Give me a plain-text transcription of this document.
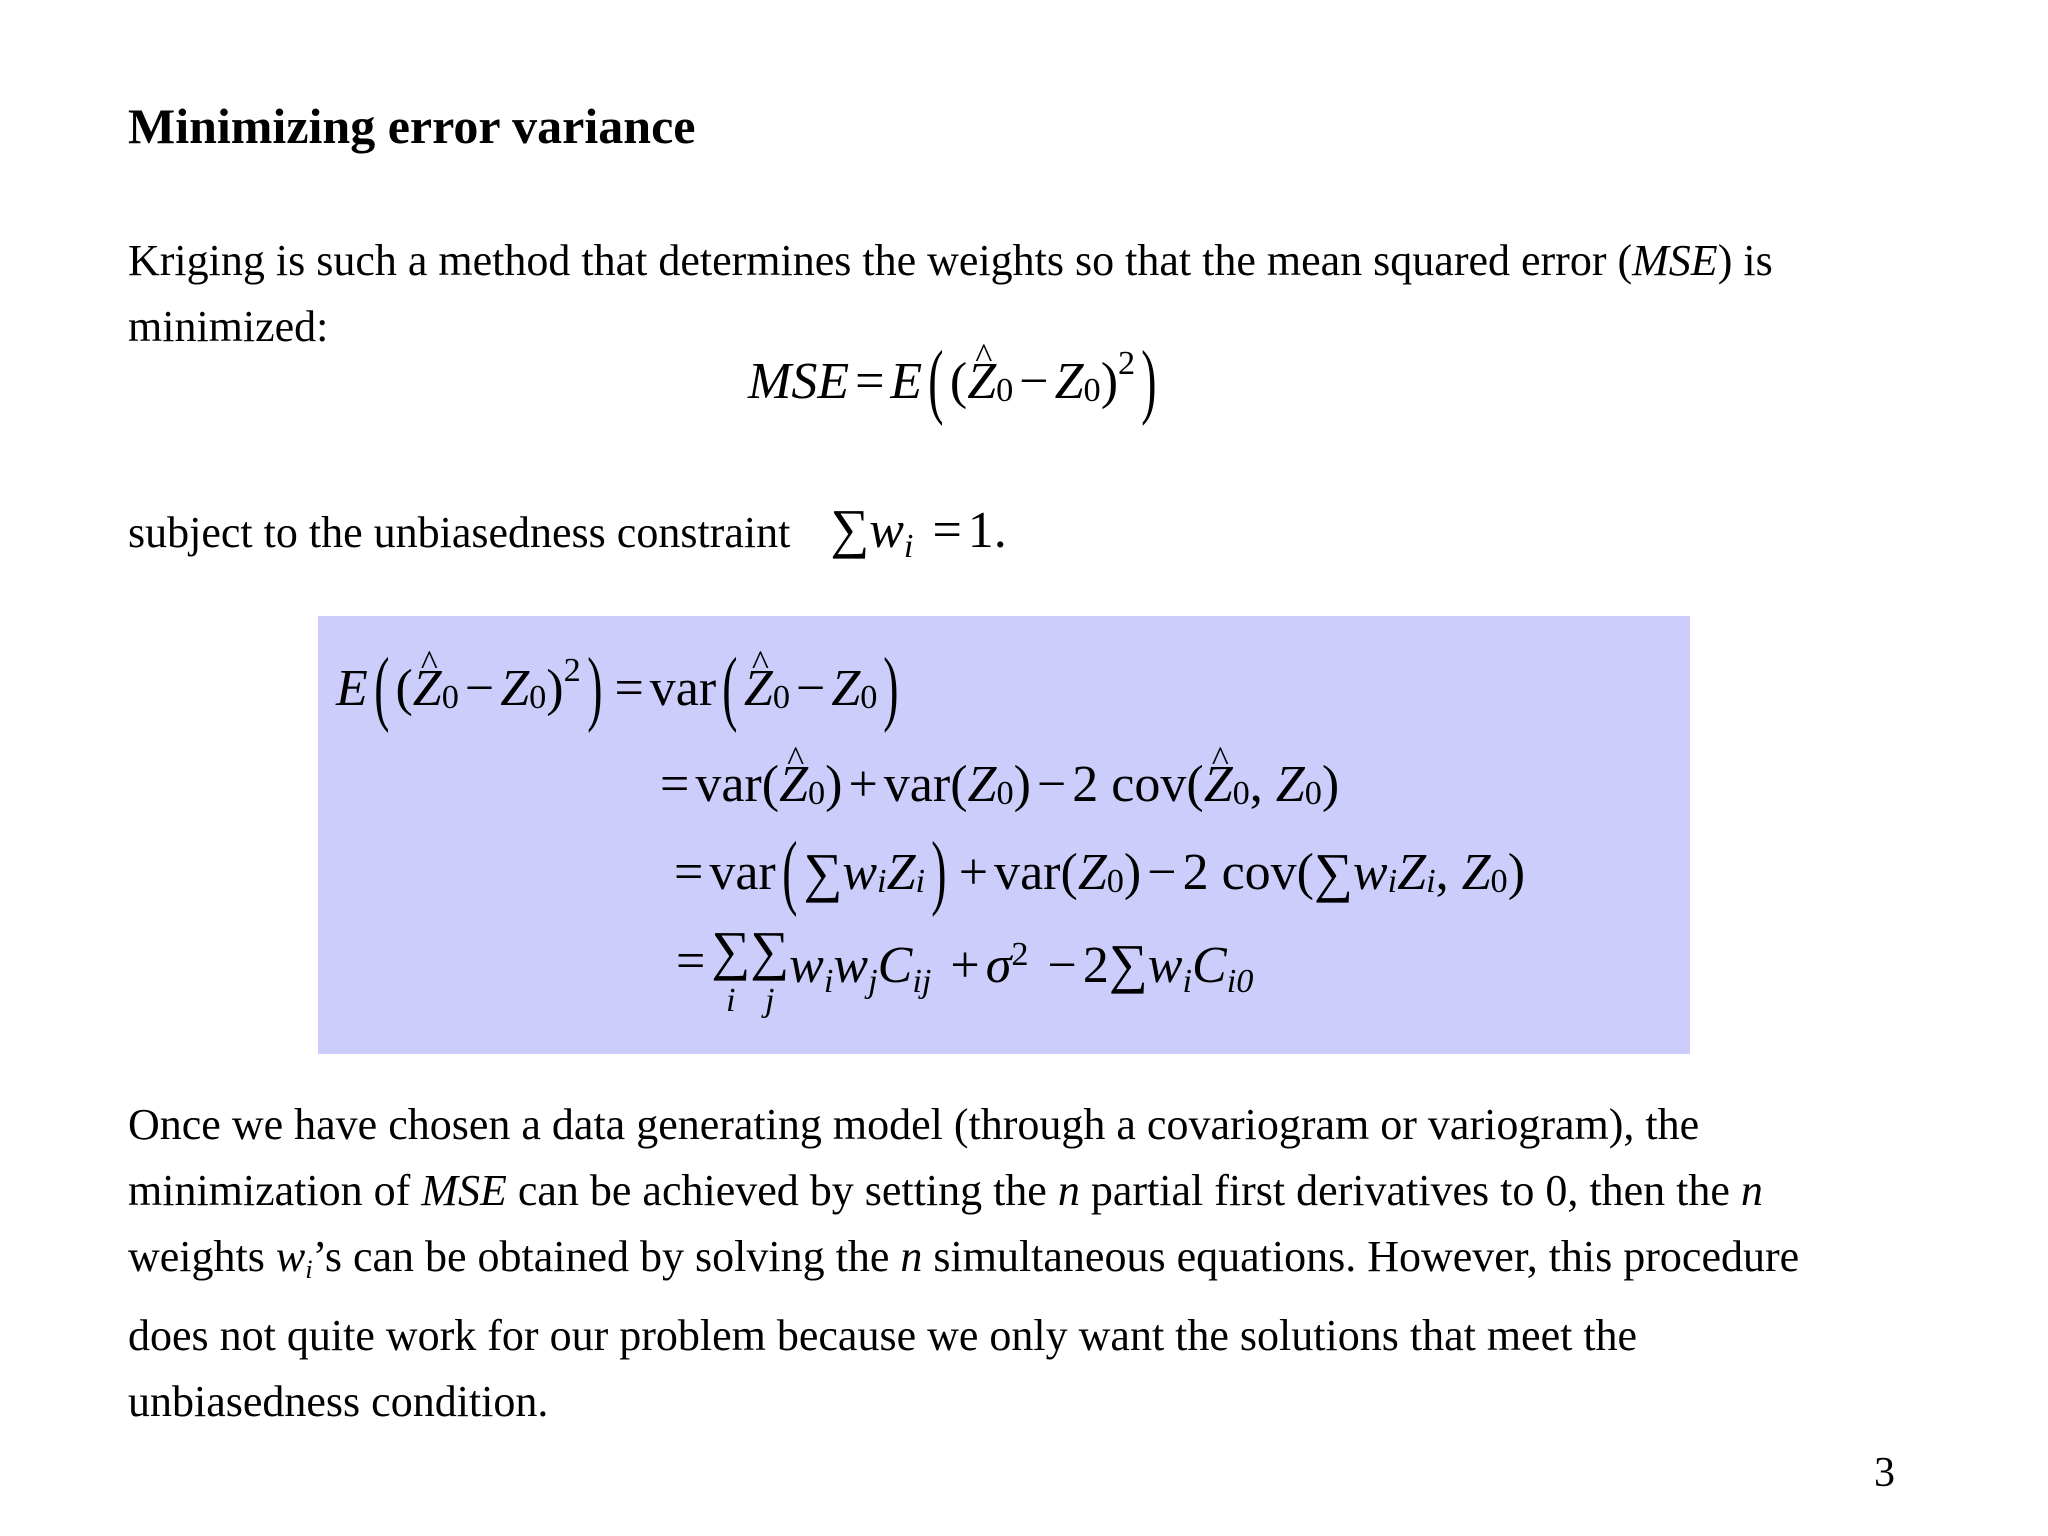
Minimizing error variance
Kriging is such a method that determines the weights so that the mean squared error (MSE) is
minimized:
MSE = E ( ( ^ Z 0 − Z 0 ) 2 )
subject to the unbiasedness constraint ∑wi = 1.
E ( ( ^ Z 0 − Z 0 ) 2 ) = var ( ^ Z 0 − Z 0 )
= var ( ^ Z 0 ) + var ( Z 0 ) − 2
cov ( ^ Z 0 ,
Z 0 )
= var ( ∑ w i Z i ) + var ( Z 0 ) − 2
cov ( ∑ w i Z i ,
Z 0 )
= ∑
i
∑
j
wiwjCij + $\sigma^2$ − 2∑wiCi0
Once we have chosen a data generating model (through a covariogram or variogram), the
minimization of MSE can be achieved by setting the n partial first derivatives to 0, then the n
weights wi’s can be obtained by solving the n simultaneous equations. However, this procedure
does not quite work for our problem because we only want the solutions that meet the
unbiasedness condition.
3
